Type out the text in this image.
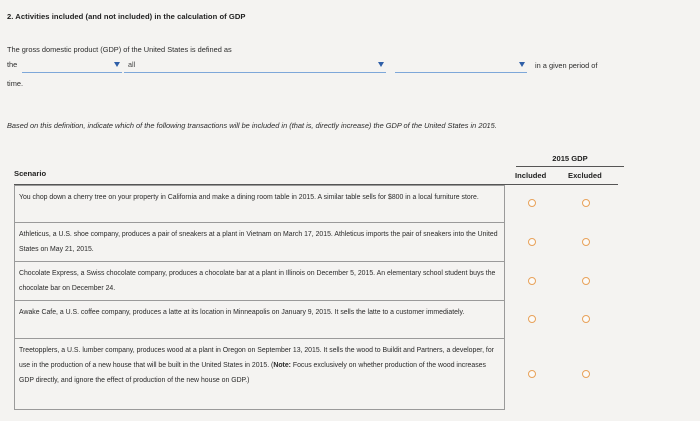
2. Activities included (and not included) in the calculation of GDP
The gross domestic product (GDP) of the United States is defined as
the	all	in a given period of
time.
Based on this definition, indicate which of the following transactions will be included in (that is, directly increase) the GDP of the United States in 2015.
2015 GDP
Scenario	Included	Excluded
You chop down a cherry tree on your property in California and make a dining room table in 2015. A similar table sells for $800 in a local furniture store.
Athleticus, a U.S. shoe company, produces a pair of sneakers at a plant in Vietnam on March 17, 2015. Athleticus imports the pair of sneakers into the United States on May 21, 2015.
Chocolate Express, a Swiss chocolate company, produces a chocolate bar at a plant in Illinois on December 5, 2015. An elementary school student buys the chocolate bar on December 24.
Awake Cafe, a U.S. coffee company, produces a latte at its location in Minneapolis on January 9, 2015. It sells the latte to a customer immediately.
Treetopplers, a U.S. lumber company, produces wood at a plant in Oregon on September 13, 2015. It sells the wood to Buildit and Partners, a developer, for use in the production of a new house that will be built in the United States in 2015. (Note: Focus exclusively on whether production of the wood increases GDP directly, and ignore the effect of production of the new house on GDP.)
